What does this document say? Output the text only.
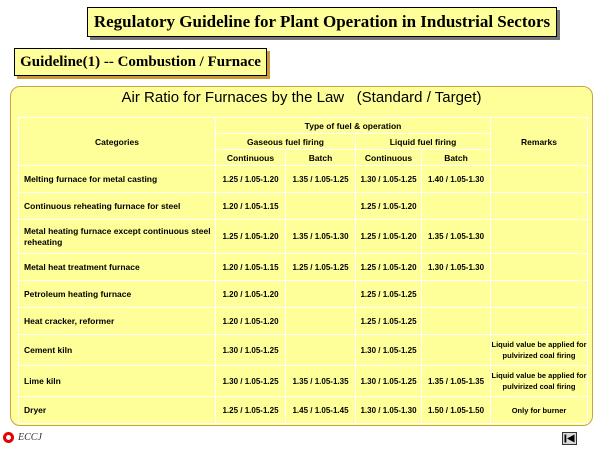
Regulatory Guideline for Plant Operation in Industrial Sectors
Guideline(1) -- Combustion / Furnace
Air Ratio for Furnaces by the Law   (Standard / Target)
Categories	Type of fuel & operation				Remarks
	Gaseous fuel firing		Liquid fuel firing		
	Continuous	Batch	Continuous	Batch	
Melting furnace for metal casting	1.25 / 1.05-1.20	1.35 / 1.05-1.25	1.30 / 1.05-1.25	1.40 / 1.05-1.30	
Continuous reheating furnace for steel	1.20 / 1.05-1.15		1.25 / 1.05-1.20		
Metal heating furnace except continuous steel reheating	1.25 / 1.05-1.20	1.35 / 1.05-1.30	1.25 / 1.05-1.20	1.35 / 1.05-1.30	
Metal heat treatment furnace	1.20 / 1.05-1.15	1.25 / 1.05-1.25	1.25 / 1.05-1.20	1.30 / 1.05-1.30	
Petroleum heating furnace	1.20 / 1.05-1.20		1.25 / 1.05-1.25		
Heat cracker, reformer	1.20 / 1.05-1.20		1.25 / 1.05-1.25		
Cement kiln	1.30 / 1.05-1.25		1.30 / 1.05-1.25		Liquid value be applied for pulvirized coal firing
Lime kiln	1.30 / 1.05-1.25	1.35 / 1.05-1.35	1.30 / 1.05-1.25	1.35 / 1.05-1.35	Liquid value be applied for pulvirized coal firing
Dryer	1.25 / 1.05-1.25	1.45 / 1.05-1.45	1.30 / 1.05-1.30	1.50 / 1.05-1.50	Only for burner
ECCJ
